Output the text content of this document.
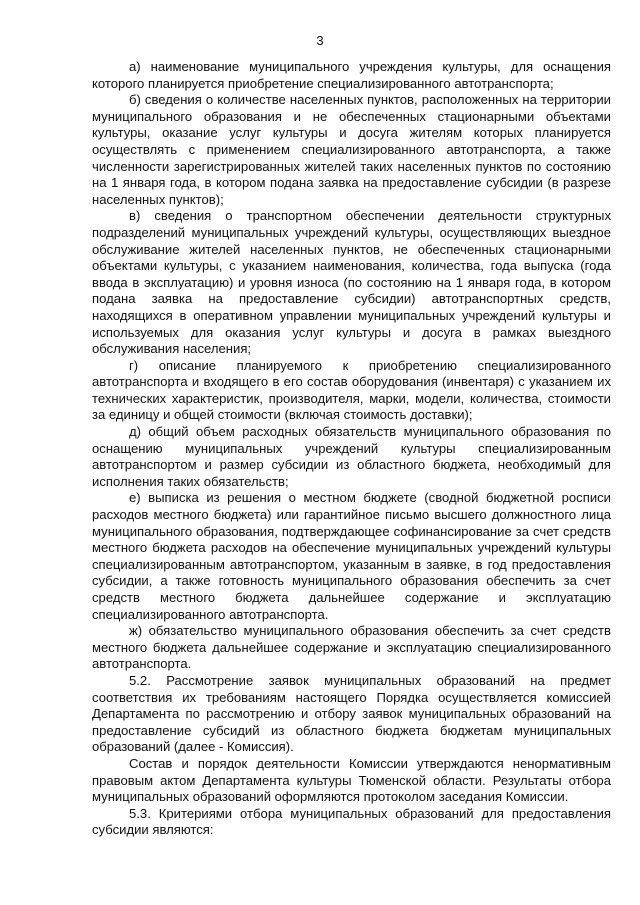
3

а) наименование муниципального учреждения культуры, для оснащения которого планируется приобретение специализированного автотранспорта;

б) сведения о количестве населенных пунктов, расположенных на территории муниципального образования и не обеспеченных стационарными объектами культуры, оказание услуг культуры и досуга жителям которых планируется осуществлять с применением специализированного автотранспорта, а также численности зарегистрированных жителей таких населенных пунктов по состоянию на 1 января года, в котором подана заявка на предоставление субсидии (в разрезе населенных пунктов);

в) сведения о транспортном обеспечении деятельности структурных подразделений муниципальных учреждений культуры, осуществляющих выездное обслуживание жителей населенных пунктов, не обеспеченных стационарными объектами культуры, с указанием наименования, количества, года выпуска (года ввода в эксплуатацию) и уровня износа (по состоянию на 1 января года, в котором подана заявка на предоставление субсидии) автотранспортных средств, находящихся в оперативном управлении муниципальных учреждений культуры и используемых для оказания услуг культуры и досуга в рамках выездного обслуживания населения;

г) описание планируемого к приобретению специализированного автотранспорта и входящего в его состав оборудования (инвентаря) с указанием их технических характеристик, производителя, марки, модели, количества, стоимости за единицу и общей стоимости (включая стоимость доставки);

д) общий объем расходных обязательств муниципального образования по оснащению муниципальных учреждений культуры специализированным автотранспортом и размер субсидии из областного бюджета, необходимый для исполнения таких обязательств;

е) выписка из решения о местном бюджете (сводной бюджетной росписи расходов местного бюджета) или гарантийное письмо высшего должностного лица муниципального образования, подтверждающее софинансирование за счет средств местного бюджета расходов на обеспечение муниципальных учреждений культуры специализированным автотранспортом, указанным в заявке, в год предоставления субсидии, а также готовность муниципального образования обеспечить за счет средств местного бюджета дальнейшее содержание и эксплуатацию специализированного автотранспорта.

ж) обязательство муниципального образования обеспечить за счет средств местного бюджета дальнейшее содержание и эксплуатацию специализированного автотранспорта.

5.2. Рассмотрение заявок муниципальных образований на предмет соответствия их требованиям настоящего Порядка осуществляется комиссией Департамента по рассмотрению и отбору заявок муниципальных образований на предоставление субсидий из областного бюджета бюджетам муниципальных образований (далее - Комиссия).

Состав и порядок деятельности Комиссии утверждаются ненормативным правовым актом Департамента культуры Тюменской области. Результаты отбора муниципальных образований оформляются протоколом заседания Комиссии.

5.3. Критериями отбора муниципальных образований для предоставления субсидии являются:
